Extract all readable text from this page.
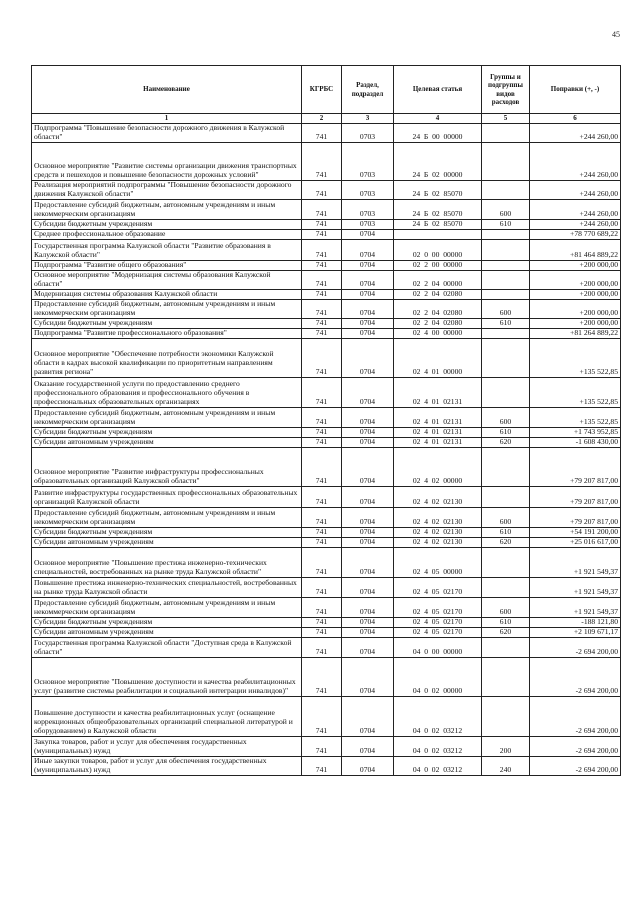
45
Наименование	КГРБС	Раздел, подраздел	Целевая статья	Группы и подгруппы видов расходов	Поправки (+, -)
1	2	3	4	5	6
Подпрограмма "Повышение безопасности дорожного движения в Калужской области"	741	0703	24  Б  00  00000		+244 260,00
Основное мероприятие "Развитие системы организации движения транспортных средств и пешеходов и повышение безопасности дорожных условий"	741	0703	24  Б  02  00000		+244 260,00
Реализация мероприятий подпрограммы "Повышение безопасности дорожного движения Калужской области"	741	0703	24  Б  02  85070		+244 260,00
Предоставление субсидий бюджетным, автономным учреждениям и иным некоммерческим организациям	741	0703	24  Б  02  85070	600	+244 260,00
Субсидии бюджетным учреждениям	741	0703	24  Б  02  85070	610	+244 260,00
Среднее профессиональное образование	741	0704			+78 770 689,22
Государственная программа Калужской области "Развитие образования в Калужской области"	741	0704	02  0  00  00000		+81 464 889,22
Подпрограмма "Развитие общего образования"	741	0704	02  2  00  00000		+200 000,00
Основное мероприятие "Модернизация системы образования Калужской области"	741	0704	02  2  04  00000		+200 000,00
Модернизация системы образования Калужской области	741	0704	02  2  04  02080		+200 000,00
Предоставление субсидий бюджетным, автономным учреждениям и иным некоммерческим организациям	741	0704	02  2  04  02080	600	+200 000,00
Субсидии бюджетным учреждениям	741	0704	02  2  04  02080	610	+200 000,00
Подпрограмма "Развитие профессионального образования"	741	0704	02  4  00  00000		+81 264 889,22
Основное мероприятие "Обеспечение потребности экономики Калужской области в кадрах высокой квалификации по приоритетным направлениям развития региона"	741	0704	02  4  01  00000		+135 522,85
Оказание государственной услуги по предоставлению среднего профессионального образования и профессионального обучения в профессиональных образовательных организациях	741	0704	02  4  01  02131		+135 522,85
Предоставление субсидий бюджетным, автономным учреждениям и иным некоммерческим организациям	741	0704	02  4  01  02131	600	+135 522,85
Субсидии бюджетным учреждениям	741	0704	02  4  01  02131	610	+1 743 952,85
Субсидии автономным учреждениям	741	0704	02  4  01  02131	620	-1 608 430,00
Основное мероприятие "Развитие инфраструктуры профессиональных образовательных организаций Калужской области"	741	0704	02  4  02  00000		+79 207 817,00
Развитие инфраструктуры государственных профессиональных образовательных организаций Калужской области	741	0704	02  4  02  02130		+79 207 817,00
Предоставление субсидий бюджетным, автономным учреждениям и иным некоммерческим организациям	741	0704	02  4  02  02130	600	+79 207 817,00
Субсидии бюджетным учреждениям	741	0704	02  4  02  02130	610	+54 191 200,00
Субсидии автономным учреждениям	741	0704	02  4  02  02130	620	+25 016 617,00
Основное мероприятие "Повышение престижа инженерно-технических специальностей, востребованных на рынке труда Калужской области"	741	0704	02  4  05  00000		+1 921 549,37
Повышение престижа инженерно-технических специальностей, востребованных на рынке труда Калужской области	741	0704	02  4  05  02170		+1 921 549,37
Предоставление субсидий бюджетным, автономным учреждениям и иным некоммерческим организациям	741	0704	02  4  05  02170	600	+1 921 549,37
Субсидии бюджетным учреждениям	741	0704	02  4  05  02170	610	-188 121,80
Субсидии автономным учреждениям	741	0704	02  4  05  02170	620	+2 109 671,17
Государственная программа Калужской области "Доступная среда в Калужской области"	741	0704	04  0  00  00000		-2 694 200,00
Основное мероприятие "Повышение доступности и качества реабилитационных услуг (развитие системы реабилитации и социальной интеграции инвалидов)"	741	0704	04  0  02  00000		-2 694 200,00
Повышение доступности и качества реабилитационных услуг (оснащение коррекционных общеобразовательных организаций специальной литературой и оборудованием) в Калужской области	741	0704	04  0  02  03212		-2 694 200,00
Закупка товаров, работ и услуг для обеспечения государственных (муниципальных) нужд	741	0704	04  0  02  03212	200	-2 694 200,00
Иные закупки товаров, работ и услуг для обеспечения государственных (муниципальных) нужд	741	0704	04  0  02  03212	240	-2 694 200,00
